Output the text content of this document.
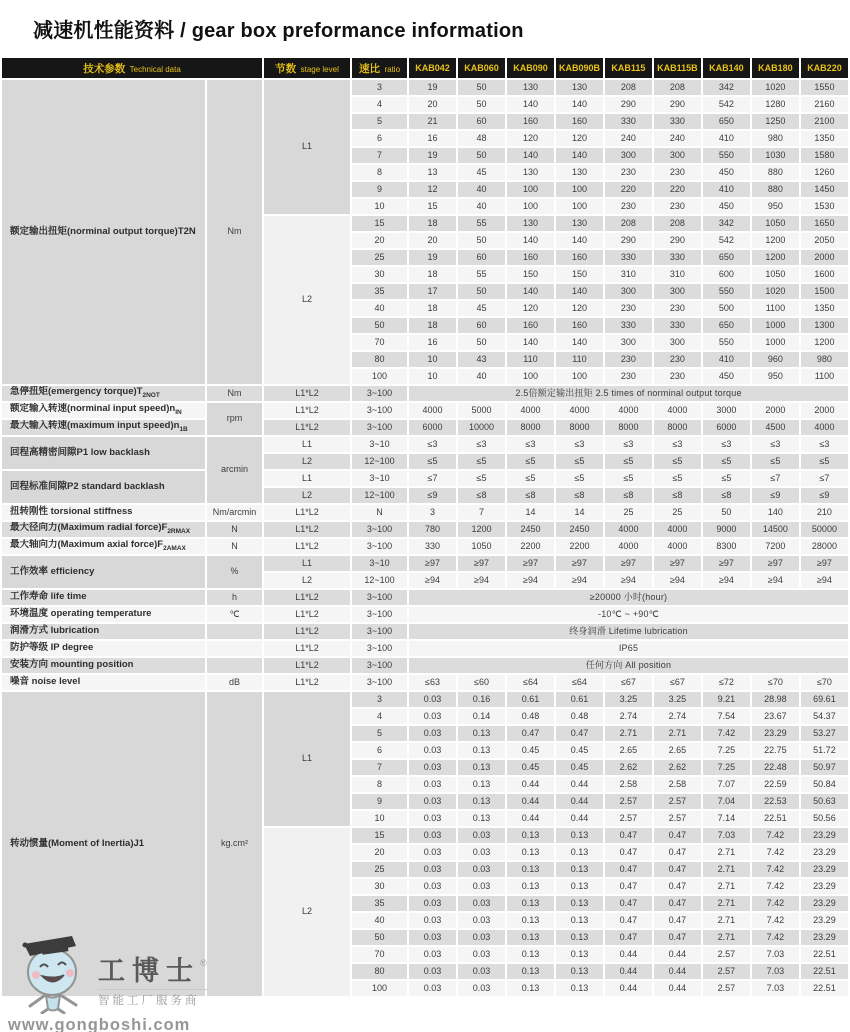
减速机性能资料 / gear box preformance information
技术参数 Technical data		节数 stage level	速比 ratio	KAB042	KAB060	KAB090	KAB090B	KAB115	KAB115B	KAB140	KAB180	KAB220
额定输出扭矩(norminal output torque)T2N	Nm	L1	3	19	50	130	130	208	208	342	1020	1550
			4	20	50	140	140	290	290	542	1280	2160
			5	21	60	160	160	330	330	650	1250	2100
			6	16	48	120	120	240	240	410	980	1350
			7	19	50	140	140	300	300	550	1030	1580
			8	13	45	130	130	230	230	450	880	1260
			9	12	40	100	100	220	220	410	880	1450
			10	15	40	100	100	230	230	450	950	1530
		L2	15	18	55	130	130	208	208	342	1050	1650
			20	20	50	140	140	290	290	542	1200	2050
			25	19	60	160	160	330	330	650	1200	2000
			30	18	55	150	150	310	310	600	1050	1600
			35	17	50	140	140	300	300	550	1020	1500
			40	18	45	120	120	230	230	500	1100	1350
			50	18	60	160	160	330	330	650	1000	1300
			70	16	50	140	140	300	300	550	1000	1200
			80	10	43	110	110	230	230	410	960	980
			100	10	40	100	100	230	230	450	950	1100
急停扭矩(emergency $torque)T_{2NOT}$	Nm	L1*L2	3~100	2.5倍额定输出扭矩 2.5 times of norminal output torque								
额定输入转速(norminal input $speed)n_{IN}$	rpm	L1*L2	3~100	4000	5000	4000	4000	4000	4000	3000	2000	2000
最大输入转速(maximum input $speed)n_{1B}$		L1*L2	3~100	6000	10000	8000	8000	8000	8000	6000	4500	4000
回程高精密间隙P1 low backlash	arcmin	L1	3~10	≤3	≤3	≤3	≤3	≤3	≤3	≤3	≤3	≤3
		L2	12~100	≤5	≤5	≤5	≤5	≤5	≤5	≤5	≤5	≤5
回程标准间隙P2 standard backlash		L1	3~10	≤7	≤5	≤5	≤5	≤5	≤5	≤5	≤7	≤7
		L2	12~100	≤9	≤8	≤8	≤8	≤8	≤8	≤8	≤9	≤9
扭转刚性 torsional stiffness	Nm/arcmin	L1*L2	N	3	7	14	14	25	25	50	140	210
最大径向力(Maximum radial $force)F_{2RMAX}$	N	L1*L2	3~100	780	1200	2450	2450	4000	4000	9000	14500	50000
最大轴向力(Maximum axial $force)F_{2AMAX}$	N	L1*L2	3~100	330	1050	2200	2200	4000	4000	8300	7200	28000
工作效率 efficiency	%	L1	3~10	≥97	≥97	≥97	≥97	≥97	≥97	≥97	≥97	≥97
		L2	12~100	≥94	≥94	≥94	≥94	≥94	≥94	≥94	≥94	≥94
工作寿命 life time	h	L1*L2	3~100	≥20000 小时(hour)								
环境温度 operating temperature	℃	L1*L2	3~100	-10℃ ~ +90℃								
润滑方式 lubrication		L1*L2	3~100	终身润滑 Lifetime lubrication								
防护等级 IP degree		L1*L2	3~100	IP65								
安装方向 mounting position		L1*L2	3~100	任何方向 All position								
噪音 noise level	dB	L1*L2	3~100	≤63	≤60	≤64	≤64	≤67	≤67	≤72	≤70	≤70
转动惯量(Moment of Inertia)J1	kg.cm²	L1	3	0.03	0.16	0.61	0.61	3.25	3.25	9.21	28.98	69.61
			4	0.03	0.14	0.48	0.48	2.74	2.74	7.54	23.67	54.37
			5	0.03	0.13	0.47	0.47	2.71	2.71	7.42	23.29	53.27
			6	0.03	0.13	0.45	0.45	2.65	2.65	7.25	22.75	51.72
			7	0.03	0.13	0.45	0.45	2.62	2.62	7.25	22.48	50.97
			8	0.03	0.13	0.44	0.44	2.58	2.58	7.07	22.59	50.84
			9	0.03	0.13	0.44	0.44	2.57	2.57	7.04	22.53	50.63
			10	0.03	0.13	0.44	0.44	2.57	2.57	7.14	22.51	50.56
		L2	15	0.03	0.03	0.13	0.13	0.47	0.47	7.03	7.42	23.29
			20	0.03	0.03	0.13	0.13	0.47	0.47	2.71	7.42	23.29
			25	0.03	0.03	0.13	0.13	0.47	0.47	2.71	7.42	23.29
			30	0.03	0.03	0.13	0.13	0.47	0.47	2.71	7.42	23.29
			35	0.03	0.03	0.13	0.13	0.47	0.47	2.71	7.42	23.29
			40	0.03	0.03	0.13	0.13	0.47	0.47	2.71	7.42	23.29
			50	0.03	0.03	0.13	0.13	0.47	0.47	2.71	7.42	23.29
			70	0.03	0.03	0.13	0.13	0.44	0.44	2.57	7.03	22.51
			80	0.03	0.03	0.13	0.13	0.44	0.44	2.57	7.03	22.51
			100	0.03	0.03	0.13	0.13	0.44	0.44	2.57	7.03	22.51
工博士®
智能工厂服务商
www.gongboshi.com
